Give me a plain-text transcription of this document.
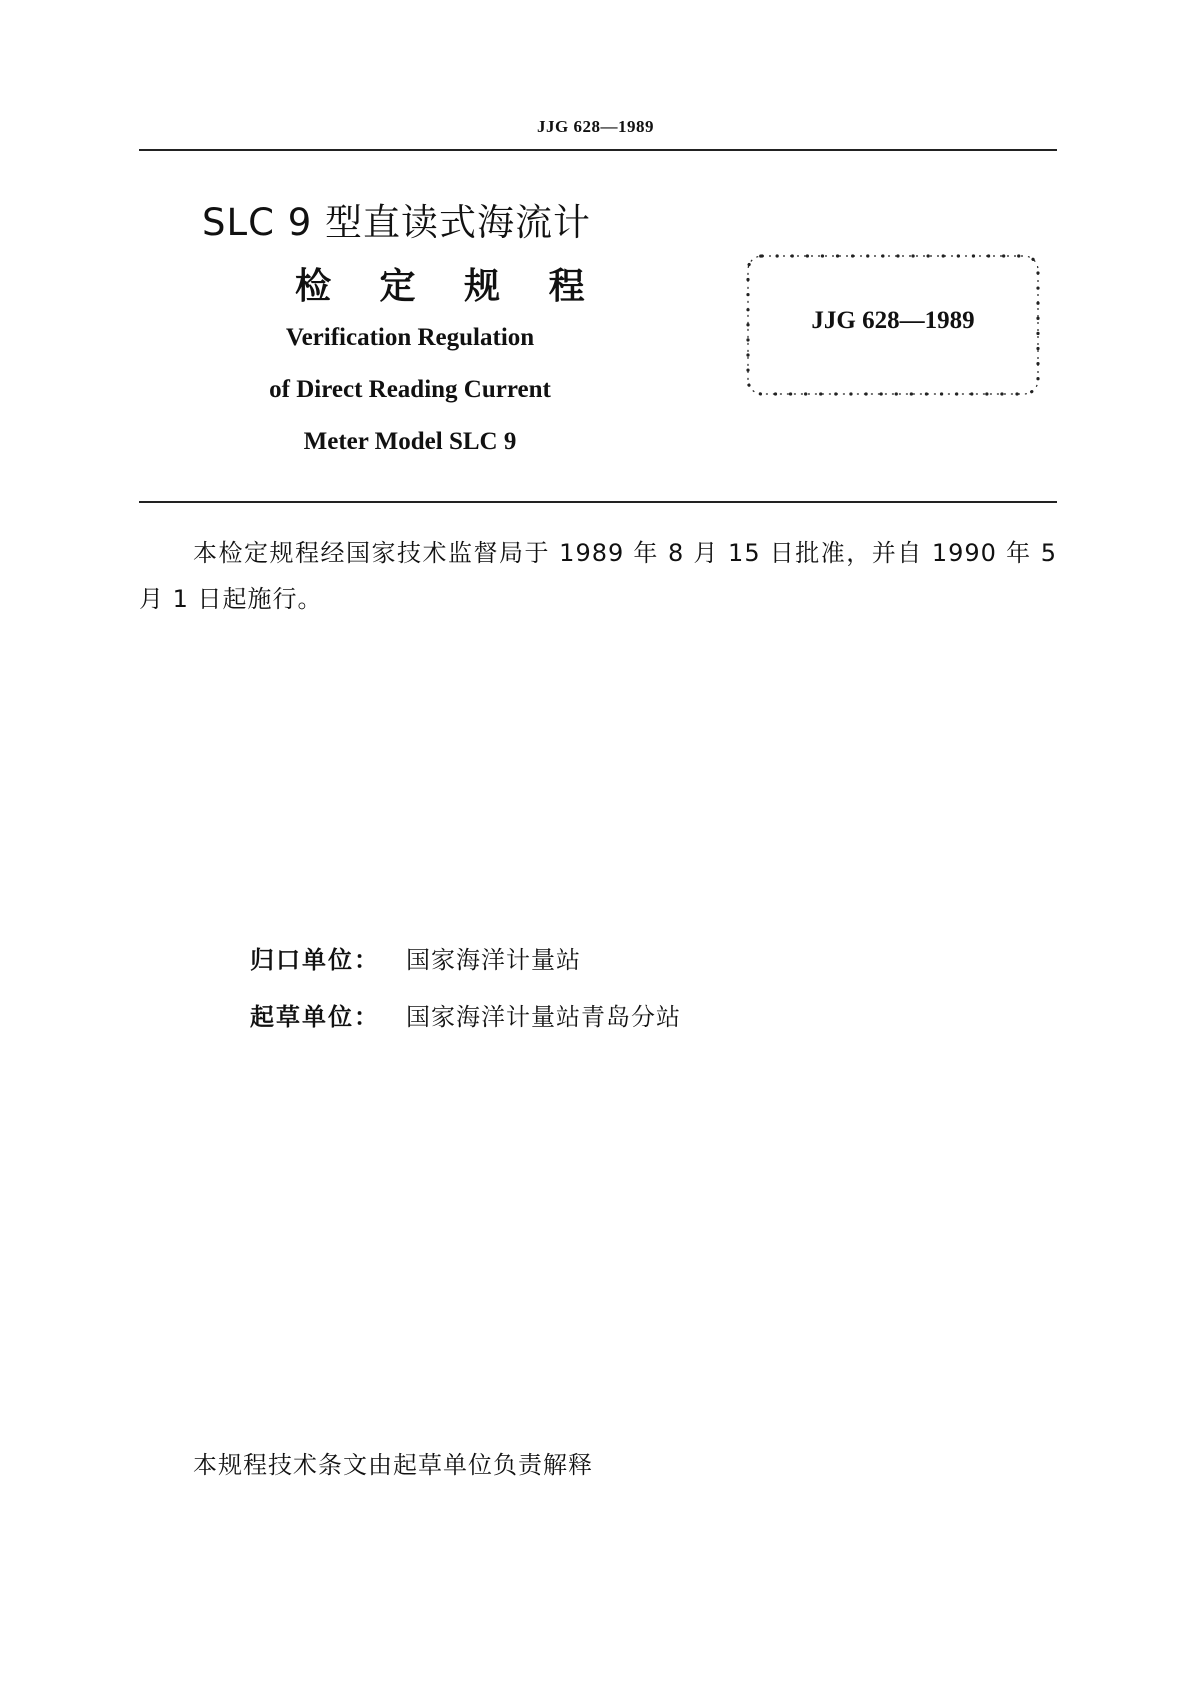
JJG 628—1989
SLC 9 型直读式海流计
检 定 规 程
Verification Regulation
of Direct Reading Current
Meter Model SLC 9
JJG 628—1989
本检定规程经国家技术监督局于 1989 年 8 月 15 日批准，并自 1990 年 5 月 1 日起施行。
归口单位： 国家海洋计量站
起草单位： 国家海洋计量站青岛分站
本规程技术条文由起草单位负责解释
